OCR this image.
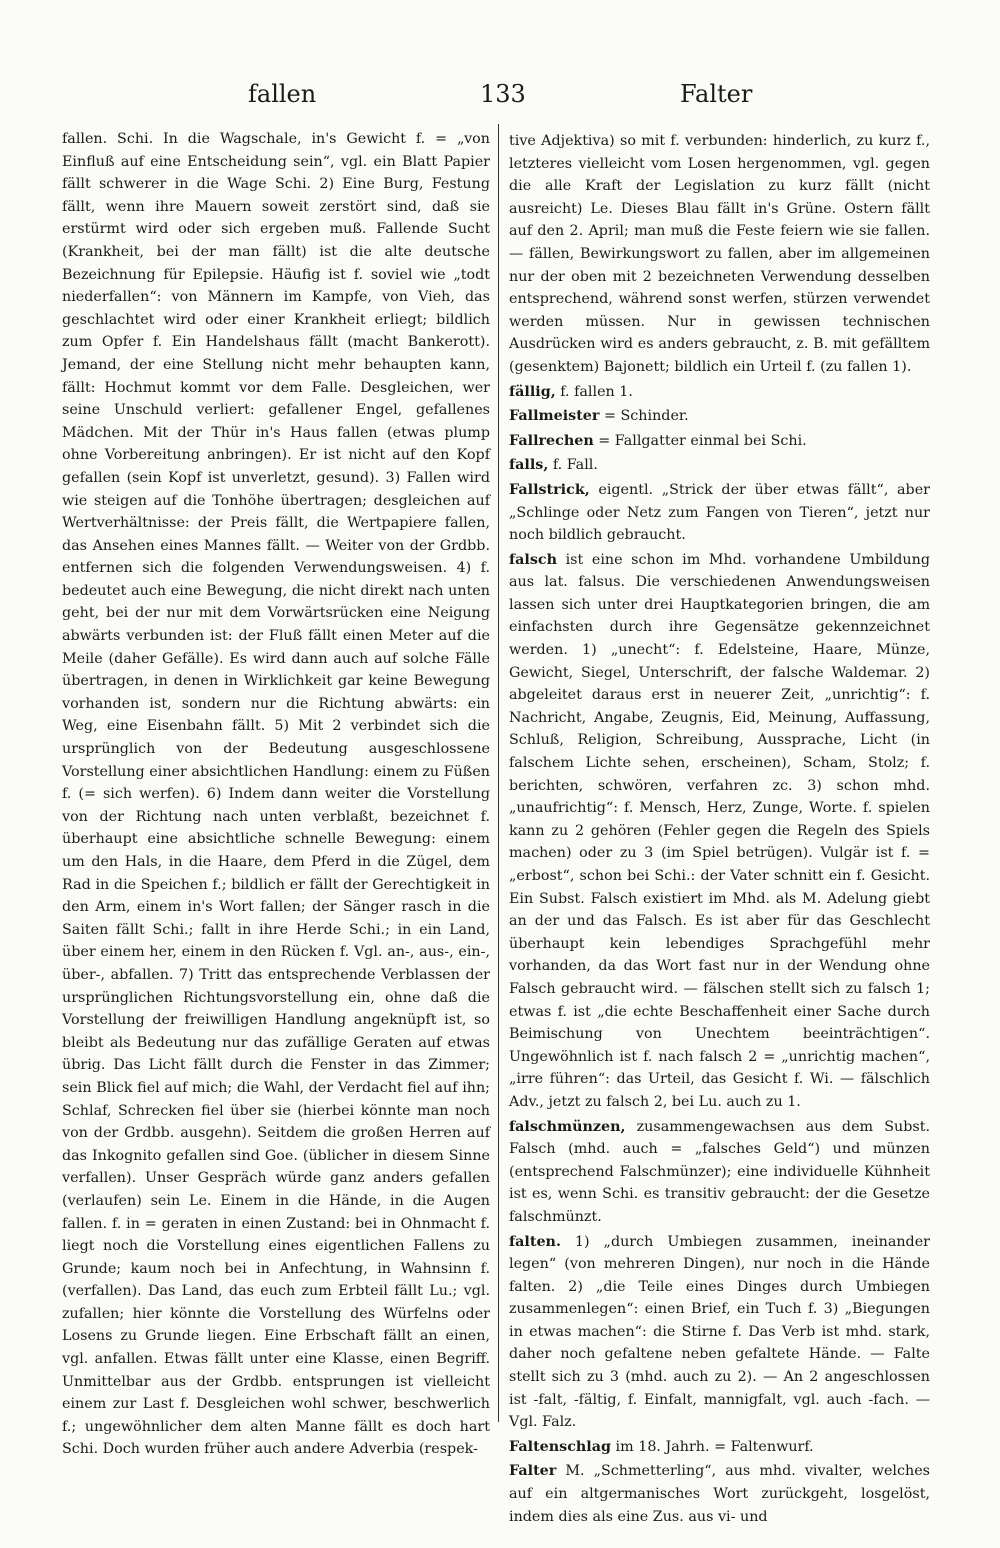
fallen	133	Falter

fallen. Schi. In die Wagschale, in's Gewicht f. = „von Einfluß auf eine Entscheidung sein“, vgl. ein Blatt Papier fällt schwerer in die Wage Schi. 2) Eine Burg, Festung fällt, wenn ihre Mauern soweit zerstört sind, daß sie erstürmt wird oder sich ergeben muß. Fallende Sucht (Krankheit, bei der man fällt) ist die alte deutsche Bezeichnung für Epilepsie. Häufig ist f. soviel wie „todt niederfallen“: von Männern im Kampfe, von Vieh, das geschlachtet wird oder einer Krankheit erliegt; bildlich zum Opfer f. Ein Handelshaus fällt (macht Bankerott). Jemand, der eine Stellung nicht mehr behaupten kann, fällt: Hochmut kommt vor dem Falle. Desgleichen, wer seine Unschuld verliert: gefallener Engel, gefallenes Mädchen. Mit der Thür in's Haus fallen (etwas plump ohne Vorbereitung anbringen). Er ist nicht auf den Kopf gefallen (sein Kopf ist unverletzt, gesund). 3) Fallen wird wie steigen auf die Tonhöhe übertragen; desgleichen auf Wertverhältnisse: der Preis fällt, die Wertpapiere fallen, das Ansehen eines Mannes fällt. — Weiter von der Grdbb. entfernen sich die folgenden Verwendungsweisen. 4) f. bedeutet auch eine Bewegung, die nicht direkt nach unten geht, bei der nur mit dem Vorwärtsrücken eine Neigung abwärts verbunden ist: der Fluß fällt einen Meter auf die Meile (daher Gefälle). Es wird dann auch auf solche Fälle übertragen, in denen in Wirklichkeit gar keine Bewegung vorhanden ist, sondern nur die Richtung abwärts: ein Weg, eine Eisenbahn fällt. 5) Mit 2 verbindet sich die ursprünglich von der Bedeutung ausgeschlossene Vorstellung einer absichtlichen Handlung: einem zu Füßen f. (= sich werfen). 6) Indem dann weiter die Vorstellung von der Richtung nach unten verblaßt, bezeichnet f. überhaupt eine absichtliche schnelle Bewegung: einem um den Hals, in die Haare, dem Pferd in die Zügel, dem Rad in die Speichen f.; bildlich er fällt der Gerechtigkeit in den Arm, einem in's Wort fallen; der Sänger rasch in die Saiten fällt Schi.; fallt in ihre Herde Schi.; in ein Land, über einem her, einem in den Rücken f. Vgl. an-, aus-, ein-, über-, abfallen. 7) Tritt das entsprechende Verblassen der ursprünglichen Richtungsvorstellung ein, ohne daß die Vorstellung der freiwilligen Handlung angeknüpft ist, so bleibt als Bedeutung nur das zufällige Geraten auf etwas übrig. Das Licht fällt durch die Fenster in das Zimmer; sein Blick fiel auf mich; die Wahl, der Verdacht fiel auf ihn; Schlaf, Schrecken fiel über sie (hierbei könnte man noch von der Grdbb. ausgehn). Seitdem die großen Herren auf das Inkognito gefallen sind Goe. (üblicher in diesem Sinne verfallen). Unser Gespräch würde ganz anders gefallen (verlaufen) sein Le. Einem in die Hände, in die Augen fallen. f. in = geraten in einen Zustand: bei in Ohnmacht f. liegt noch die Vorstellung eines eigentlichen Fallens zu Grunde; kaum noch bei in Anfechtung, in Wahnsinn f. (verfallen). Das Land, das euch zum Erbteil fällt Lu.; vgl. zufallen; hier könnte die Vorstellung des Würfelns oder Losens zu Grunde liegen. Eine Erbschaft fällt an einen, vgl. anfallen. Etwas fällt unter eine Klasse, einen Begriff. Unmittelbar aus der Grdbb. entsprungen ist vielleicht einem zur Last f. Desgleichen wohl schwer, beschwerlich f.; ungewöhnlicher dem alten Manne fällt es doch hart Schi. Doch wurden früher auch andere Adverbia (respek-

tive Adjektiva) so mit f. verbunden: hinderlich, zu kurz f., letzteres vielleicht vom Losen hergenommen, vgl. gegen die alle Kraft der Legislation zu kurz fällt (nicht ausreicht) Le. Dieses Blau fällt in's Grüne. Ostern fällt auf den 2. April; man muß die Feste feiern wie sie fallen. — fällen, Bewirkungswort zu fallen, aber im allgemeinen nur der oben mit 2 bezeichneten Verwendung desselben entsprechend, während sonst werfen, stürzen verwendet werden müssen. Nur in gewissen technischen Ausdrücken wird es anders gebraucht, z. B. mit gefälltem (gesenktem) Bajonett; bildlich ein Urteil f. (zu fallen 1).

fällig, f. fallen 1.

Fallmeister = Schinder.

Fallrechen = Fallgatter einmal bei Schi.

falls, f. Fall.

Fallstrick, eigentl. „Strick der über etwas fällt“, aber „Schlinge oder Netz zum Fangen von Tieren“, jetzt nur noch bildlich gebraucht.

falsch ist eine schon im Mhd. vorhandene Umbildung aus lat. falsus. Die verschiedenen Anwendungsweisen lassen sich unter drei Hauptkategorien bringen, die am einfachsten durch ihre Gegensätze gekennzeichnet werden. 1) „unecht“: f. Edelsteine, Haare, Münze, Gewicht, Siegel, Unterschrift, der falsche Waldemar. 2) abgeleitet daraus erst in neuerer Zeit, „unrichtig“: f. Nachricht, Angabe, Zeugnis, Eid, Meinung, Auffassung, Schluß, Religion, Schreibung, Aussprache, Licht (in falschem Lichte sehen, erscheinen), Scham, Stolz; f. berichten, schwören, verfahren zc. 3) schon mhd. „unaufrichtig“: f. Mensch, Herz, Zunge, Worte. f. spielen kann zu 2 gehören (Fehler gegen die Regeln des Spiels machen) oder zu 3 (im Spiel betrügen). Vulgär ist f. = „erbost“, schon bei Schi.: der Vater schnitt ein f. Gesicht. Ein Subst. Falsch existiert im Mhd. als M. Adelung giebt an der und das Falsch. Es ist aber für das Geschlecht überhaupt kein lebendiges Sprachgefühl mehr vorhanden, da das Wort fast nur in der Wendung ohne Falsch gebraucht wird. — fälschen stellt sich zu falsch 1; etwas f. ist „die echte Beschaffenheit einer Sache durch Beimischung von Unechtem beeinträchtigen“. Ungewöhnlich ist f. nach falsch 2 = „unrichtig machen“, „irre führen“: das Urteil, das Gesicht f. Wi. — fälschlich Adv., jetzt zu falsch 2, bei Lu. auch zu 1.

falschmünzen, zusammengewachsen aus dem Subst. Falsch (mhd. auch = „falsches Geld“) und münzen (entsprechend Falschmünzer); eine individuelle Kühnheit ist es, wenn Schi. es transitiv gebraucht: der die Gesetze falschmünzt.

falten. 1) „durch Umbiegen zusammen, ineinander legen“ (von mehreren Dingen), nur noch in die Hände falten. 2) „die Teile eines Dinges durch Umbiegen zusammenlegen“: einen Brief, ein Tuch f. 3) „Biegungen in etwas machen“: die Stirne f. Das Verb ist mhd. stark, daher noch gefaltene neben gefaltete Hände. — Falte stellt sich zu 3 (mhd. auch zu 2). — An 2 angeschlossen ist -falt, -fältig, f. Einfalt, mannigfalt, vgl. auch -fach. — Vgl. Falz.

Faltenschlag im 18. Jahrh. = Faltenwurf.

Falter M. „Schmetterling“, aus mhd. vivalter, welches auf ein altgermanisches Wort zurückgeht, losgelöst, indem dies als eine Zus. aus vi- und
